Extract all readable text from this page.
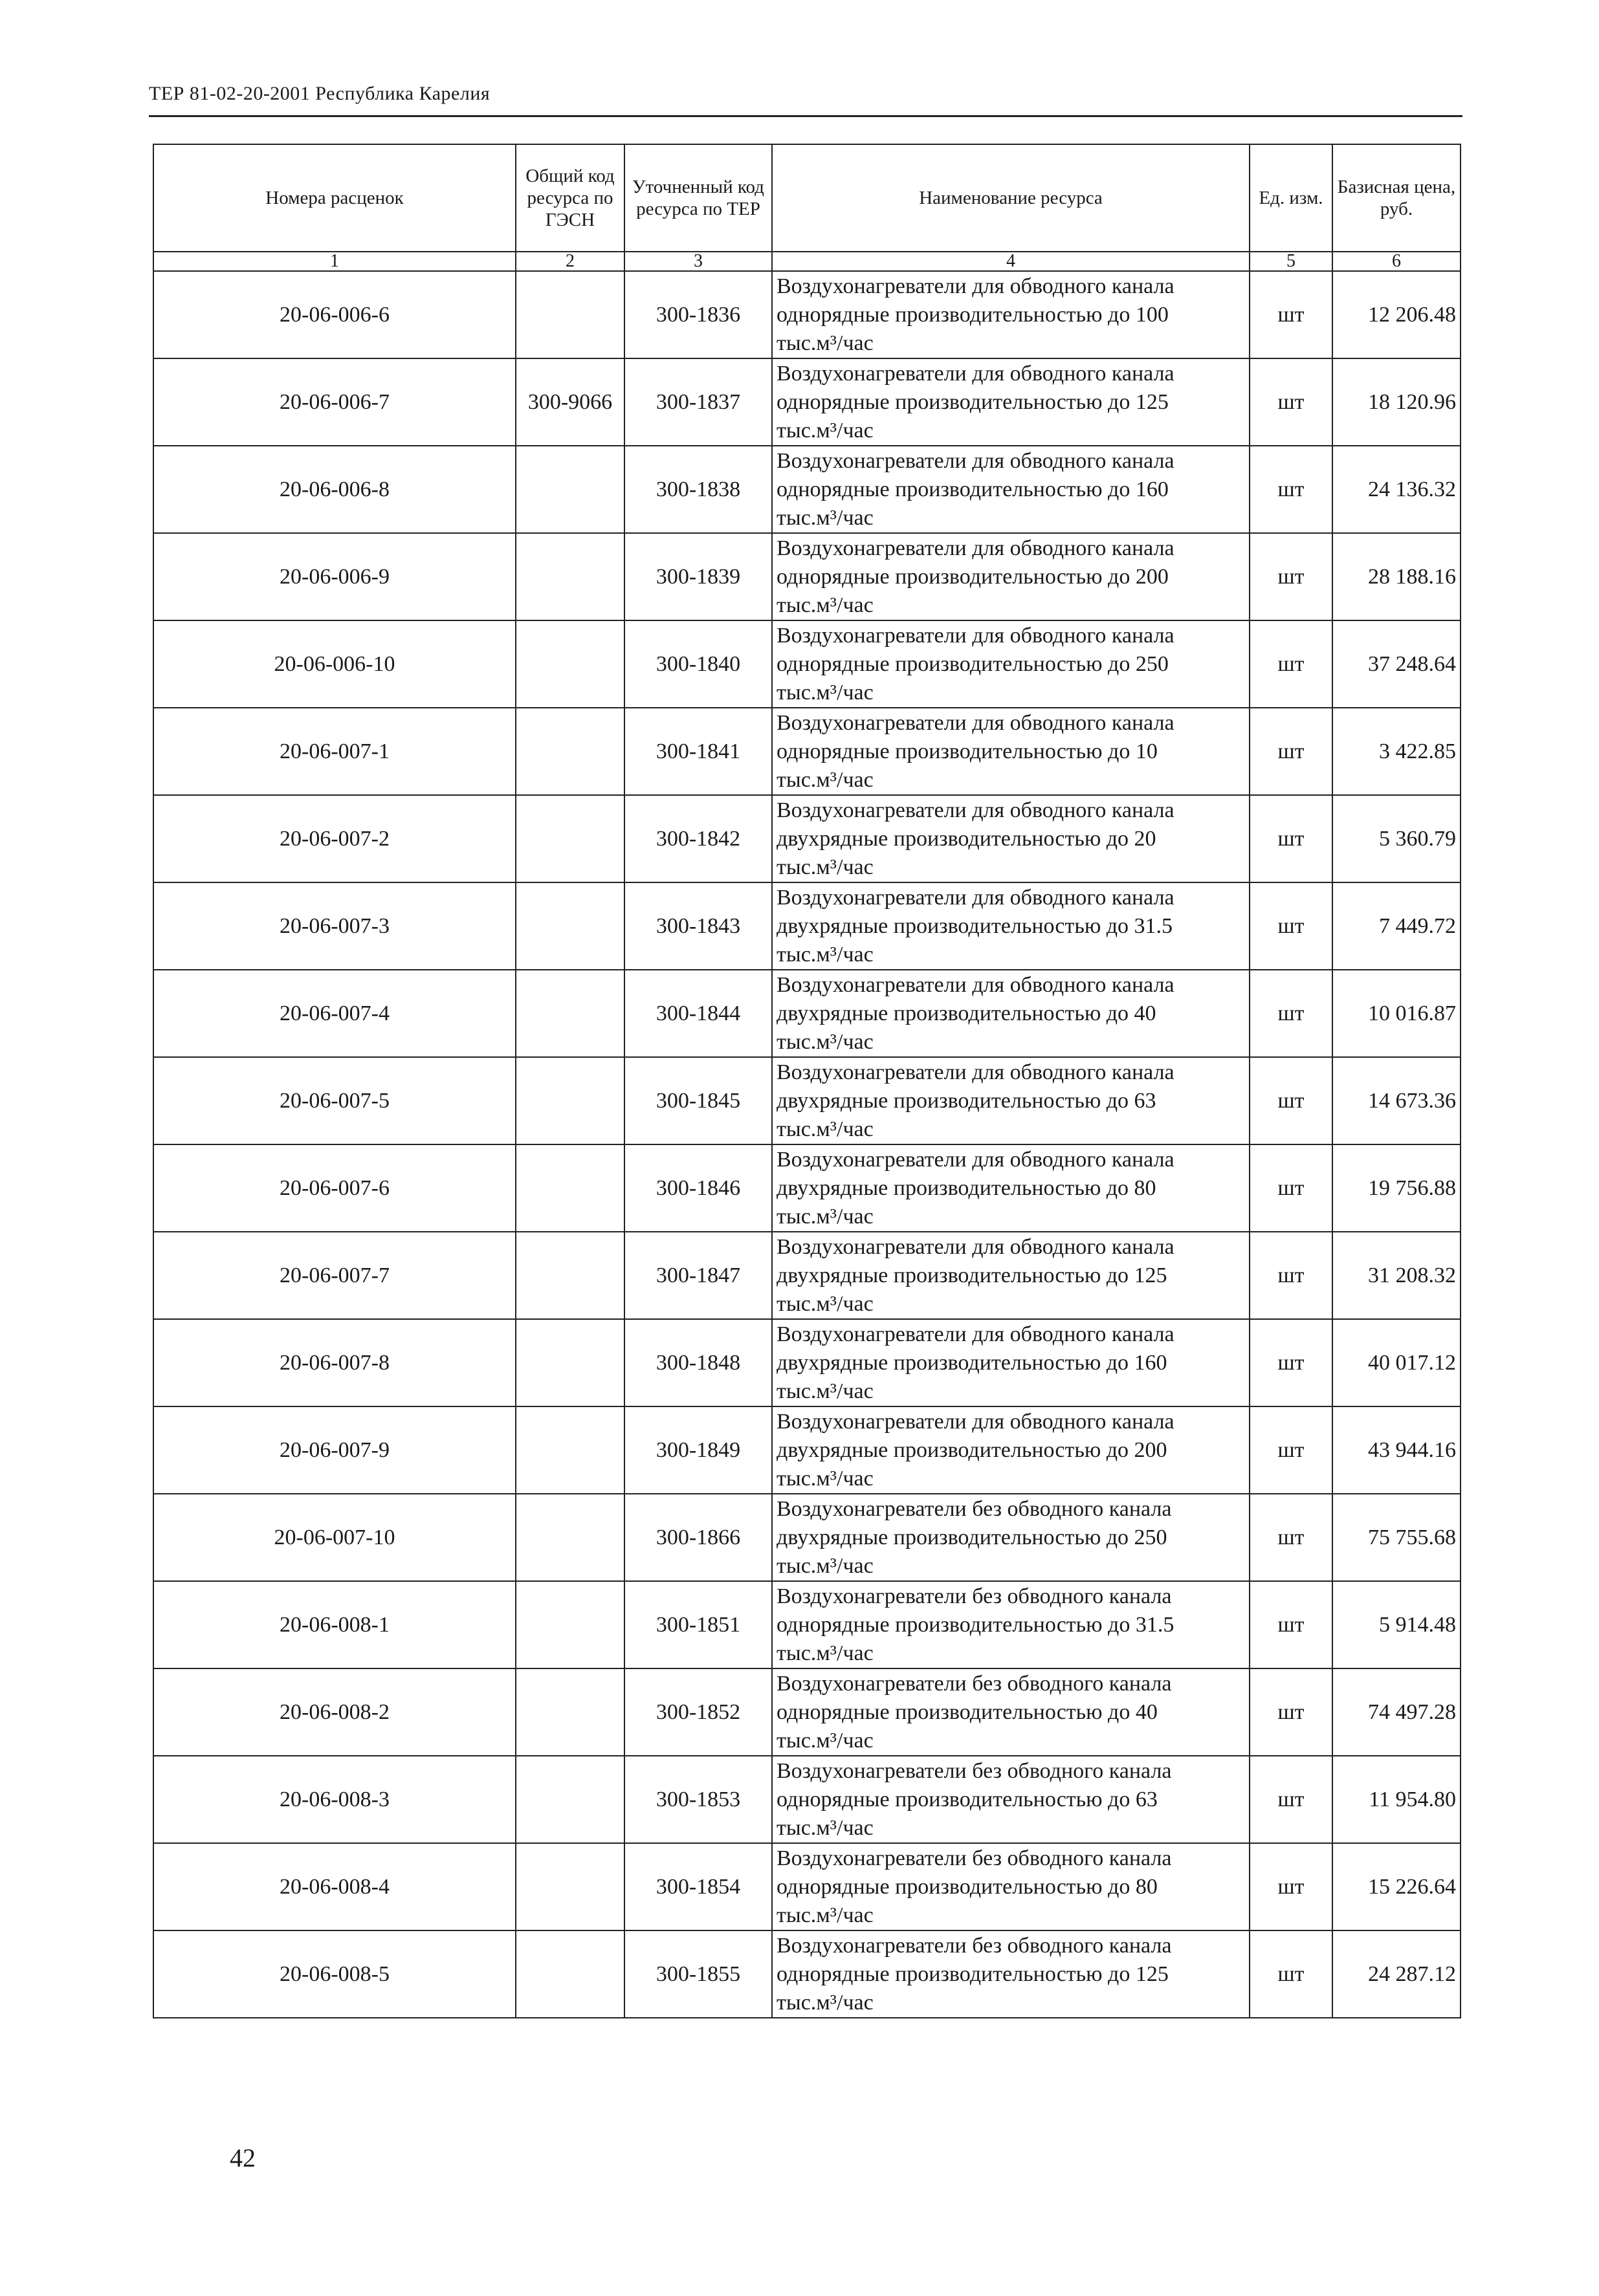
ТЕР 81-02-20-2001 Республика Карелия
Номера расценок	Общий код ресурса по ГЭСН	Уточненный код ресурса по ТЕР	Наименование ресурса	Ед. изм.	Базисная цена, руб.
1	2	3	4	5	6
20-06-006-6		300-1836	Воздухонагреватели для обводного канала
однорядные производительностью до 100
тыс.м³/час	шт	12 206.48
20-06-006-7	300-9066	300-1837	Воздухонагреватели для обводного канала
однорядные производительностью до 125
тыс.м³/час	шт	18 120.96
20-06-006-8		300-1838	Воздухонагреватели для обводного канала
однорядные производительностью до 160
тыс.м³/час	шт	24 136.32
20-06-006-9		300-1839	Воздухонагреватели для обводного канала
однорядные производительностью до 200
тыс.м³/час	шт	28 188.16
20-06-006-10		300-1840	Воздухонагреватели для обводного канала
однорядные производительностью до 250
тыс.м³/час	шт	37 248.64
20-06-007-1		300-1841	Воздухонагреватели для обводного канала
однорядные производительностью до 10
тыс.м³/час	шт	3 422.85
20-06-007-2		300-1842	Воздухонагреватели для обводного канала
двухрядные производительностью до 20
тыс.м³/час	шт	5 360.79
20-06-007-3		300-1843	Воздухонагреватели для обводного канала
двухрядные производительностью до 31.5
тыс.м³/час	шт	7 449.72
20-06-007-4		300-1844	Воздухонагреватели для обводного канала
двухрядные производительностью до 40
тыс.м³/час	шт	10 016.87
20-06-007-5		300-1845	Воздухонагреватели для обводного канала
двухрядные производительностью до 63
тыс.м³/час	шт	14 673.36
20-06-007-6		300-1846	Воздухонагреватели для обводного канала
двухрядные производительностью до 80
тыс.м³/час	шт	19 756.88
20-06-007-7		300-1847	Воздухонагреватели для обводного канала
двухрядные производительностью до 125
тыс.м³/час	шт	31 208.32
20-06-007-8		300-1848	Воздухонагреватели для обводного канала
двухрядные производительностью до 160
тыс.м³/час	шт	40 017.12
20-06-007-9		300-1849	Воздухонагреватели для обводного канала
двухрядные производительностью до 200
тыс.м³/час	шт	43 944.16
20-06-007-10		300-1866	Воздухонагреватели без обводного канала
двухрядные производительностью до 250
тыс.м³/час	шт	75 755.68
20-06-008-1		300-1851	Воздухонагреватели без обводного канала
однорядные производительностью до 31.5
тыс.м³/час	шт	5 914.48
20-06-008-2		300-1852	Воздухонагреватели без обводного канала
однорядные производительностью до 40
тыс.м³/час	шт	74 497.28
20-06-008-3		300-1853	Воздухонагреватели без обводного канала
однорядные производительностью до 63
тыс.м³/час	шт	11 954.80
20-06-008-4		300-1854	Воздухонагреватели без обводного канала
однорядные производительностью до 80
тыс.м³/час	шт	15 226.64
20-06-008-5		300-1855	Воздухонагреватели без обводного канала
однорядные производительностью до 125
тыс.м³/час	шт	24 287.12
42
